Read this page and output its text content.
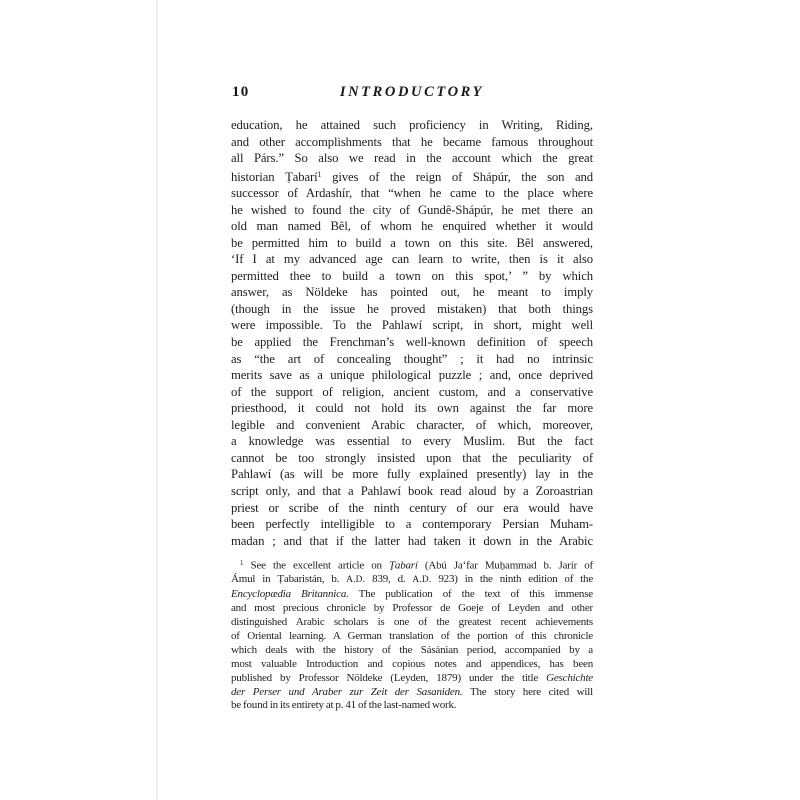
10	INTRODUCTORY
education, he attained such proficiency in Writing, Riding,
and other accomplishments that he became famous throughout
all Párs.” So also we read in the account which the great
historian Ṭabarí$^1$ gives of the reign of Shápúr, the son and
successor of Ardashír, that “when he came to the place where
he wished to found the city of Gundê-Shápúr, he met there an
old man named Bêl, of whom he enquired whether it would
be permitted him to build a town on this site. Bêl answered,
‘If I at my advanced age can learn to write, then is it also
permitted thee to build a town on this spot,’ ” by which
answer, as Nöldeke has pointed out, he meant to imply
(though in the issue he proved mistaken) that both things
were impossible. To the Pahlawí script, in short, might well
be applied the Frenchman’s well-known definition of speech
as “the art of concealing thought” ; it had no intrinsic
merits save as a unique philological puzzle ; and, once deprived
of the support of religion, ancient custom, and a conservative
priesthood, it could not hold its own against the far more
legible and convenient Arabic character, of which, moreover,
a knowledge was essential to every Muslim. But the fact
cannot be too strongly insisted upon that the peculiarity of
Pahlawí (as will be more fully explained presently) lay in the
script only, and that a Pahlawí book read aloud by a Zoroastrian
priest or scribe of the ninth century of our era would have
been perfectly intelligible to a contemporary Persian Muham-
madan ; and that if the latter had taken it down in the Arabic
$^1$ See the excellent article on Ṭabarí (Abú Ja‘far Muḥammad b. Jarír of
Ámul in Ṭabaristán, b. A.D. 839, d. A.D. 923) in the ninth edition of the
Encyclopædia Britannica. The publication of the text of this immense
and most precious chronicle by Professor de Goeje of Leyden and other
distinguished Arabic scholars is one of the greatest recent achievements
of Oriental learning. A German translation of the portion of this chronicle
which deals with the history of the Sásánian period, accompanied by a
most valuable Introduction and copious notes and appendices, has been
published by Professor Nöldeke (Leyden, 1879) under the title Geschichte
der Perser und Araber zur Zeit der Sasaniden. The story here cited will
be found in its entirety at p. 41 of the last-named work.
